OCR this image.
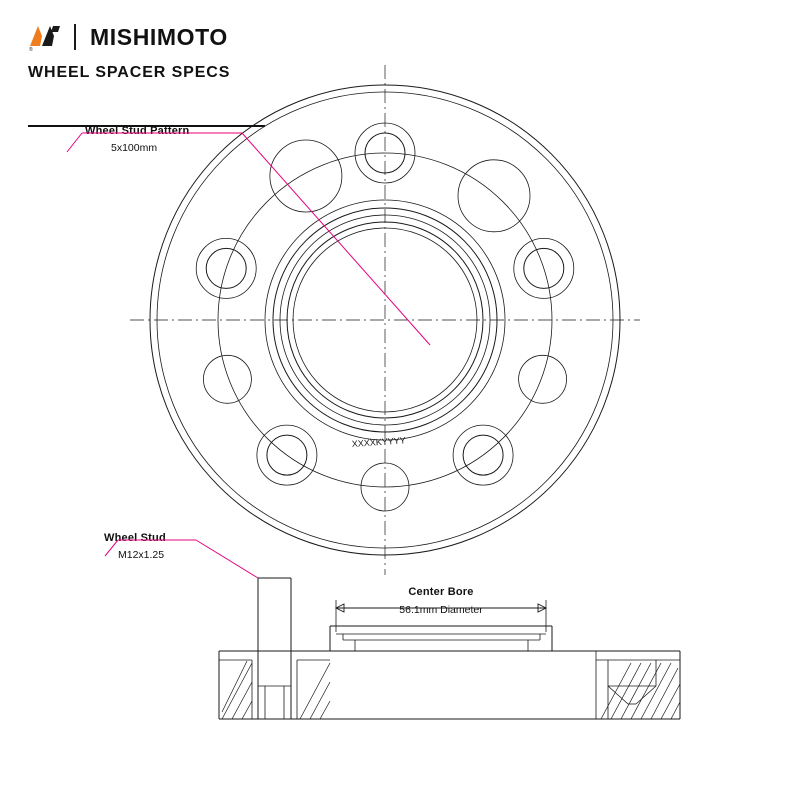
®
MISHIMOTO
WHEEL SPACER SPECS
Wheel Stud Pattern
5x100mm
Wheel Stud
M12x1.25
Center Bore
56.1mm Diameter
XXXXKYYYY
